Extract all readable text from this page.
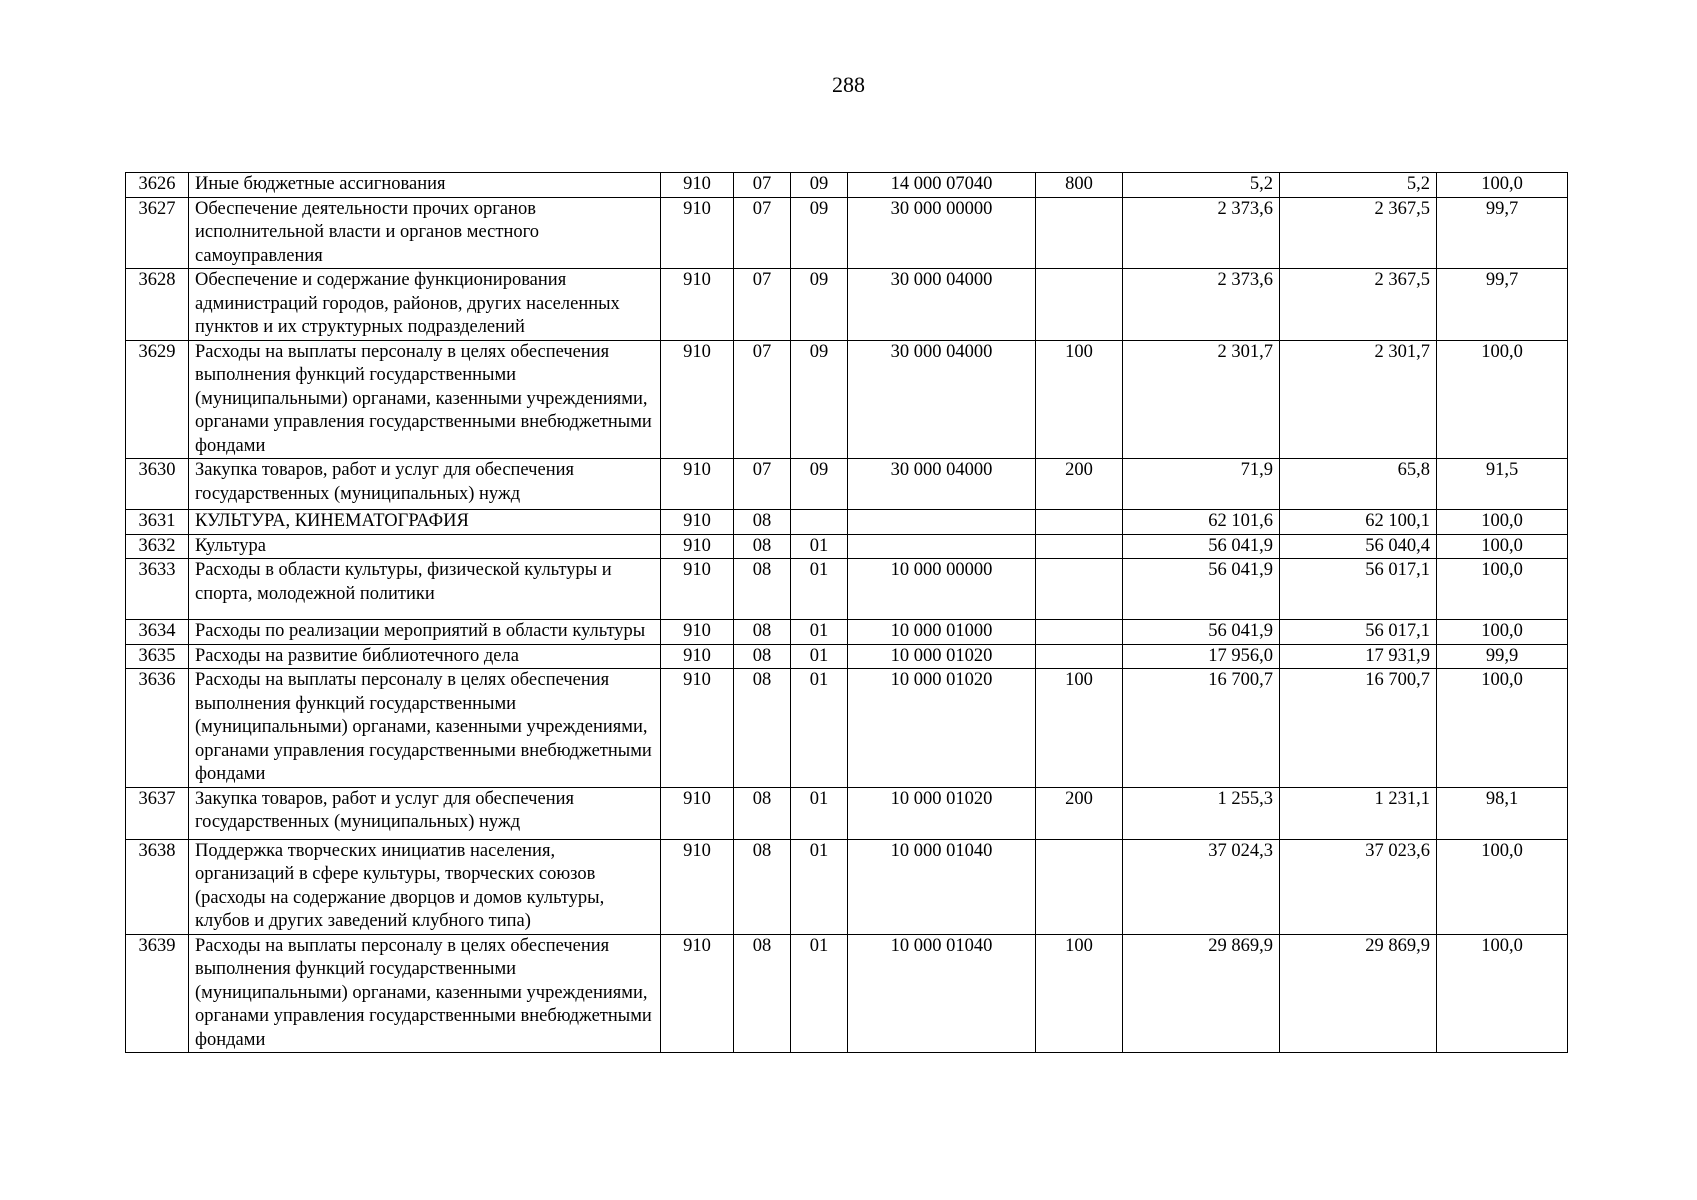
288
3626	Иные бюджетные ассигнования	910	07	09	14 000 07040	800	5,2	5,2	100,0
3627	Обеспечение деятельности прочих органов исполнительной власти и органов местного самоуправления	910	07	09	30 000 00000		2 373,6	2 367,5	99,7
3628	Обеспечение и содержание функционирования администраций городов, районов, других населенных пунктов и их структурных подразделений	910	07	09	30 000 04000		2 373,6	2 367,5	99,7
3629	Расходы на выплаты персоналу в целях обеспечения выполнения функций государственными (муниципальными) органами, казенными учреждениями, органами управления государственными внебюджетными фондами	910	07	09	30 000 04000	100	2 301,7	2 301,7	100,0
3630	Закупка товаров, работ и услуг для обеспечения государственных (муниципальных) нужд	910	07	09	30 000 04000	200	71,9	65,8	91,5
3631	КУЛЬТУРА, КИНЕМАТОГРАФИЯ	910	08				62 101,6	62 100,1	100,0
3632	Культура	910	08	01			56 041,9	56 040,4	100,0
3633	Расходы в области культуры, физической культуры и спорта, молодежной политики	910	08	01	10 000 00000		56 041,9	56 017,1	100,0
3634	Расходы по реализации мероприятий в области культуры	910	08	01	10 000 01000		56 041,9	56 017,1	100,0
3635	Расходы на развитие библиотечного дела	910	08	01	10 000 01020		17 956,0	17 931,9	99,9
3636	Расходы на выплаты персоналу в целях обеспечения выполнения функций государственными (муниципальными) органами, казенными учреждениями, органами управления государственными внебюджетными фондами	910	08	01	10 000 01020	100	16 700,7	16 700,7	100,0
3637	Закупка товаров, работ и услуг для обеспечения государственных (муниципальных) нужд	910	08	01	10 000 01020	200	1 255,3	1 231,1	98,1
3638	Поддержка творческих инициатив населения, организаций в сфере культуры, творческих союзов (расходы на содержание дворцов и домов культуры, клубов и других заведений клубного типа)	910	08	01	10 000 01040		37 024,3	37 023,6	100,0
3639	Расходы на выплаты персоналу в целях обеспечения выполнения функций государственными (муниципальными) органами, казенными учреждениями, органами управления государственными внебюджетными фондами	910	08	01	10 000 01040	100	29 869,9	29 869,9	100,0
